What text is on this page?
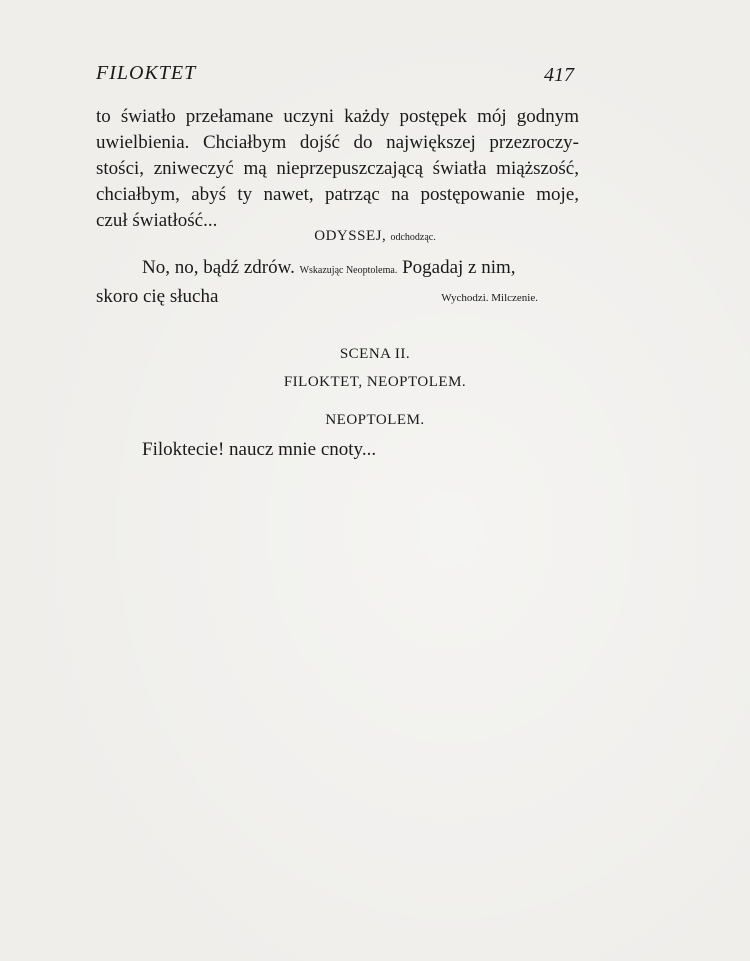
FILOKTET	417
to światło przełamane uczyni każdy postępek mój godnym
uwielbienia. Chciałbym dojść do największej przezroczy-
stości, zniweczyć mą nieprzepuszczającą światła miąższość,
chciałbym, abyś ty nawet, patrząc na postępowanie moje,
czuł światłość...
ODYSSEJ, odchodząc.
No, no, bądź zdrów. Wskazując Neoptolema. Pogadaj z nim,
skoro cię słucha	Wychodzi. Milczenie.
SCENA II.
FILOKTET, NEOPTOLEM.
NEOPTOLEM.
Filoktecie! naucz mnie cnoty...
